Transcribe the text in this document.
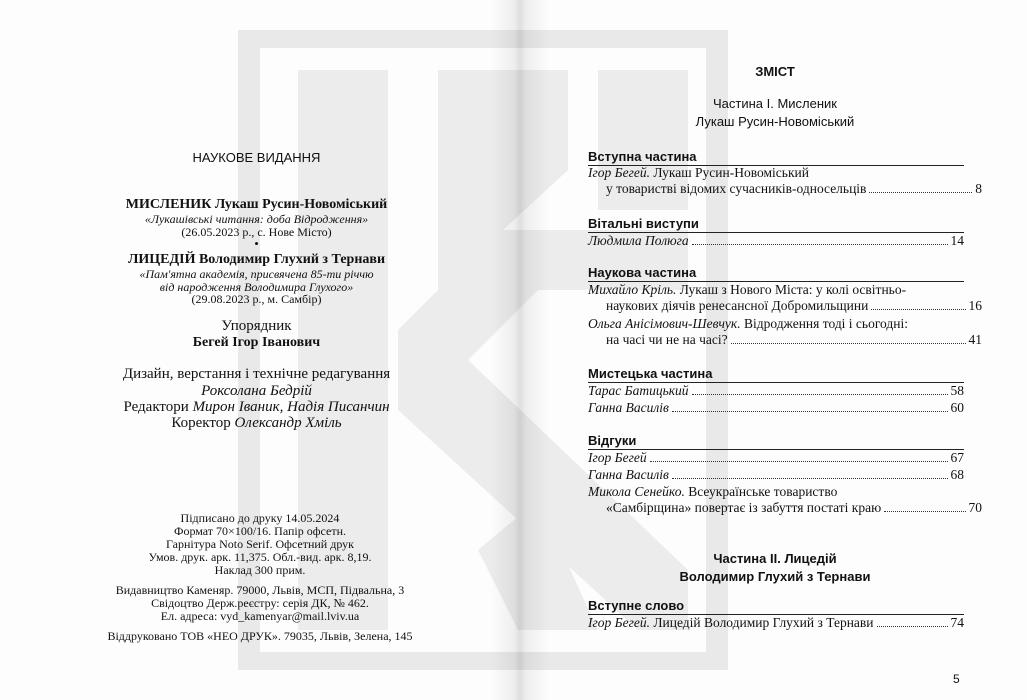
НАУКОВЕ ВИДАННЯ
МИСЛЕНИК Лукаш Русин-Новоміський
«Лукашівські читання: доба Відродження»
(26.05.2023 р., с. Нове Місто)
•
ЛИЦЕДІЙ Володимир Глухий з Тернави
«Пам'ятна академія, присвячена 85-ти річчю
від народження Володимира Глухого»
(29.08.2023 р., м. Самбір)
Упорядник
Бегей Ігор Іванович
Дизайн, верстання і технічне редагування
Роксолана Бедрій
Редактори Мирон Іваник, Надія Писанчин
Коректор Олександр Хміль
Підписано до друку 14.05.2024
Формат 70×100/16. Папір офсетн.
Гарнітура Noto Serif. Офсетний друк
Умов. друк. арк. 11,375. Обл.-вид. арк. 8,19.
Наклад 300 прим.
Видавництво Каменяр. 79000, Львів, МСП, Підвальна, 3
Свідоцтво Держ.реєстру: серія ДК, № 462.
Ел. адреса: vyd_kamenyar@mail.lviv.ua
Віддруковано ТОВ «НЕО ДРУК». 79035, Львів, Зелена, 145
ЗМІСТ
Частина І. Мисленик
Лукаш Русин-Новоміський
Вступна частина
Ігор Бегей. Лукаш Русин-Новоміський
у товаристві відомих сучасників-односельців	8
Вітальні виступи
Людмила Полюга	14
Наукова частина
Михайло Кріль. Лукаш з Нового Міста: у колі освітньо-
наукових діячів ренесансної Добромильщини	16
Ольга Анісімович-Шевчук. Відродження тоді і сьогодні:
на часі чи не на часі?	41
Мистецька частина
Тарас Батицький	58
Ганна Василів	60
Відгуки
Ігор Бегей	67
Ганна Василів	68
Микола Сенейко. Всеукраїнське товариство
«Самбірщина» повертає із забуття постаті краю	70
Частина ІІ. Лицедій
Володимир Глухий з Тернави
Вступне слово
Ігор Бегей. Лицедій Володимир Глухий з Тернави	74
5
